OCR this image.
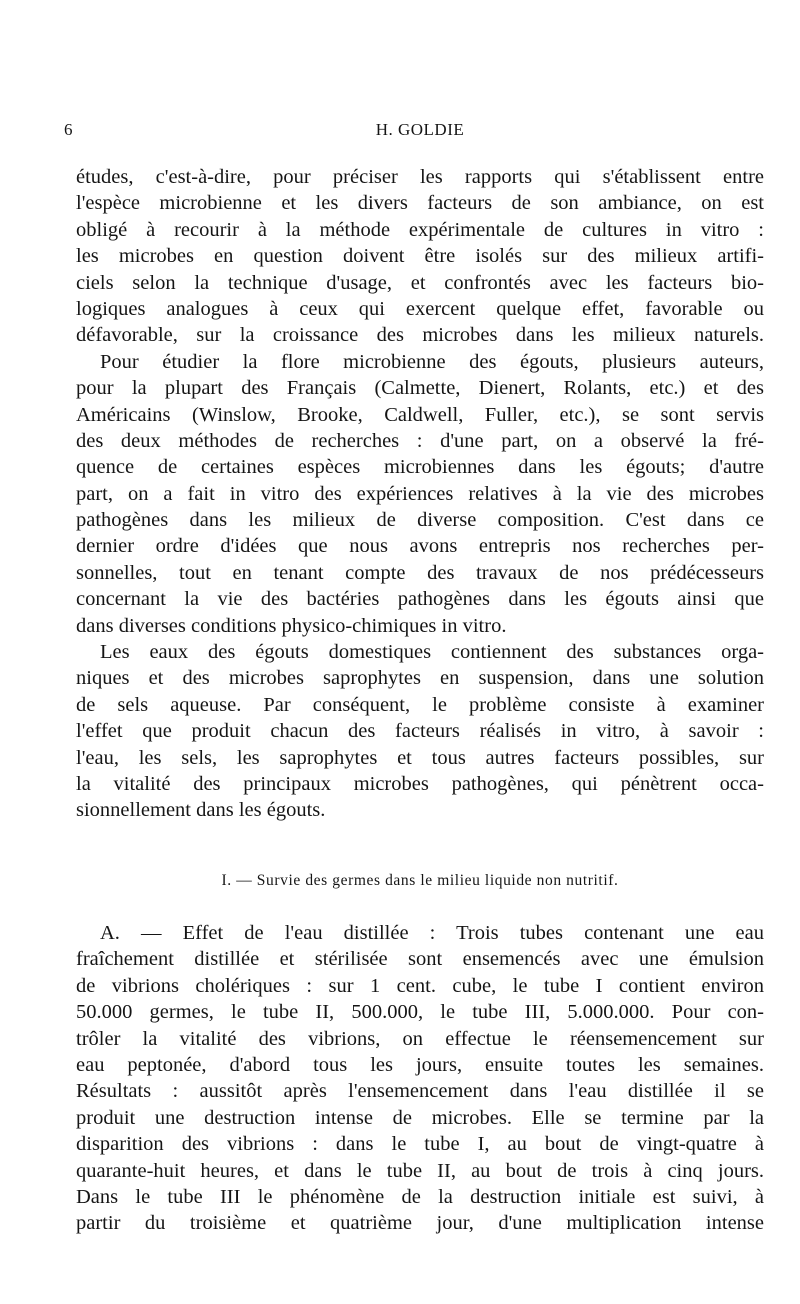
6	H. GOLDIE
études, c'est-à-dire, pour préciser les rapports qui s'établissent entre
l'espèce microbienne et les divers facteurs de son ambiance, on est
obligé à recourir à la méthode expérimentale de cultures in vitro :
les microbes en question doivent être isolés sur des milieux artifi-
ciels selon la technique d'usage, et confrontés avec les facteurs bio-
logiques analogues à ceux qui exercent quelque effet, favorable ou
défavorable, sur la croissance des microbes dans les milieux naturels.
Pour étudier la flore microbienne des égouts, plusieurs auteurs,
pour la plupart des Français (Calmette, Dienert, Rolants, etc.) et des
Américains (Winslow, Brooke, Caldwell, Fuller, etc.), se sont servis
des deux méthodes de recherches : d'une part, on a observé la fré-
quence de certaines espèces microbiennes dans les égouts; d'autre
part, on a fait in vitro des expériences relatives à la vie des microbes
pathogènes dans les milieux de diverse composition. C'est dans ce
dernier ordre d'idées que nous avons entrepris nos recherches per-
sonnelles, tout en tenant compte des travaux de nos prédécesseurs
concernant la vie des bactéries pathogènes dans les égouts ainsi que
dans diverses conditions physico-chimiques in vitro.
Les eaux des égouts domestiques contiennent des substances orga-
niques et des microbes saprophytes en suspension, dans une solution
de sels aqueuse. Par conséquent, le problème consiste à examiner
l'effet que produit chacun des facteurs réalisés in vitro, à savoir :
l'eau, les sels, les saprophytes et tous autres facteurs possibles, sur
la vitalité des principaux microbes pathogènes, qui pénètrent occa-
sionnellement dans les égouts.
I. — Survie des germes dans le milieu liquide non nutritif.
A. — Effet de l'eau distillée : Trois tubes contenant une eau
fraîchement distillée et stérilisée sont ensemencés avec une émulsion
de vibrions cholériques : sur 1 cent. cube, le tube I contient environ
50.000 germes, le tube II, 500.000, le tube III, 5.000.000. Pour con-
trôler la vitalité des vibrions, on effectue le réensemencement sur
eau peptonée, d'abord tous les jours, ensuite toutes les semaines.
Résultats : aussitôt après l'ensemencement dans l'eau distillée il se
produit une destruction intense de microbes. Elle se termine par la
disparition des vibrions : dans le tube I, au bout de vingt-quatre à
quarante-huit heures, et dans le tube II, au bout de trois à cinq jours.
Dans le tube III le phénomène de la destruction initiale est suivi, à
partir du troisième et quatrième jour, d'une multiplication intense
